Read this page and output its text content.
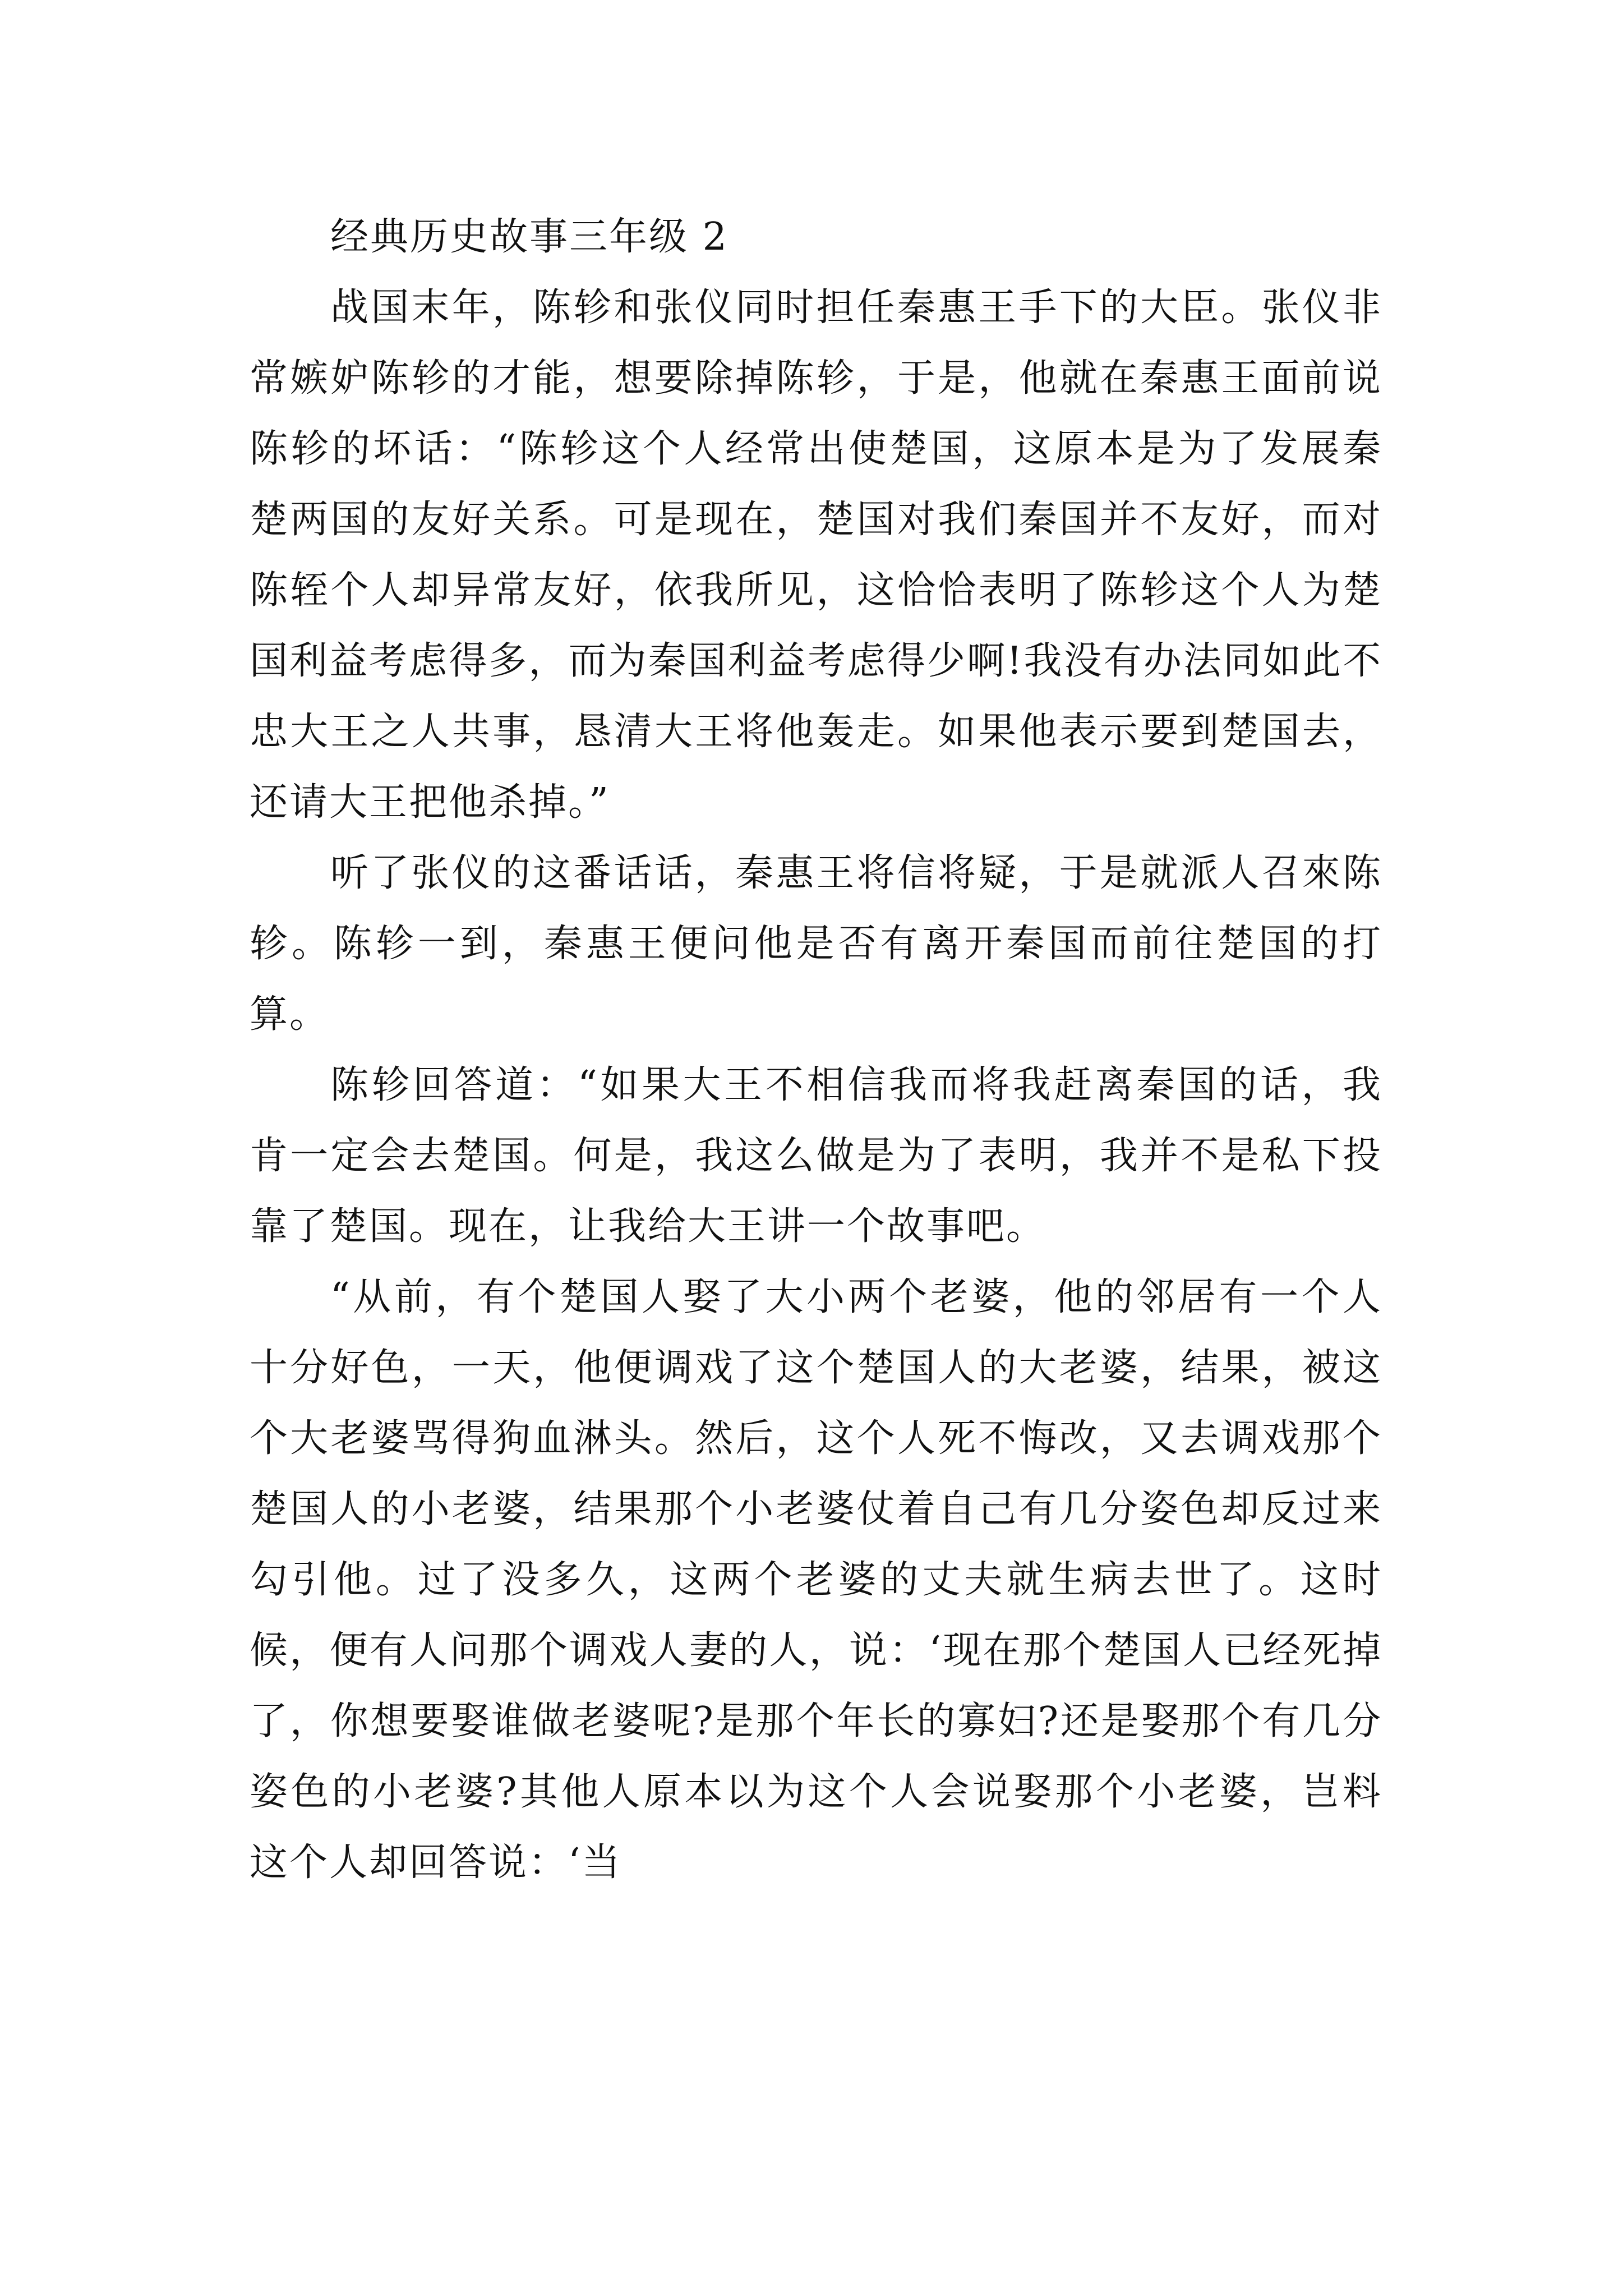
经典历史故事三年级 2

战国末年，陈轸和张仪同时担任秦惠王手下的大臣。张仪非常嫉妒陈轸的才能，想要除掉陈轸，于是，他就在秦惠王面前说陈轸的坏话：“陈轸这个人经常出使楚国，这原本是为了发展秦楚两国的友好关系。可是现在，楚国对我们秦国并不友好，而对陈轾个人却异常友好，依我所见，这恰恰表明了陈轸这个人为楚国利益考虑得多，而为秦国利益考虑得少啊!我没有办法同如此不忠大王之人共事，恳清大王将他轰走。如果他表示要到楚国去，还请大王把他杀掉。”

听了张仪的这番话话，秦惠王将信将疑，于是就派人召來陈轸。陈轸一到，秦惠王便问他是否有离开秦国而前往楚国的打算。

陈轸回答道：“如果大王不相信我而将我赶离秦国的话，我肯一定会去楚国。何是，我这么做是为了表明，我并不是私下投靠了楚国。现在，让我给大王讲一个故事吧。

“从前，有个楚国人娶了大小两个老婆，他的邻居有一个人十分好色，一天，他便调戏了这个楚国人的大老婆，结果，被这个大老婆骂得狗血淋头。然后，这个人死不悔改，又去调戏那个楚国人的小老婆，结果那个小老婆仗着自己有几分姿色却反过来勾引他。过了没多久，这两个老婆的丈夫就生病去世了。这时候，便有人问那个调戏人妻的人，说：‘现在那个楚国人已经死掉了，你想要娶谁做老婆呢?是那个年长的寡妇?还是娶那个有几分姿色的小老婆?其他人原本以为这个人会说娶那个小老婆，岂料这个人却回答说：‘当
